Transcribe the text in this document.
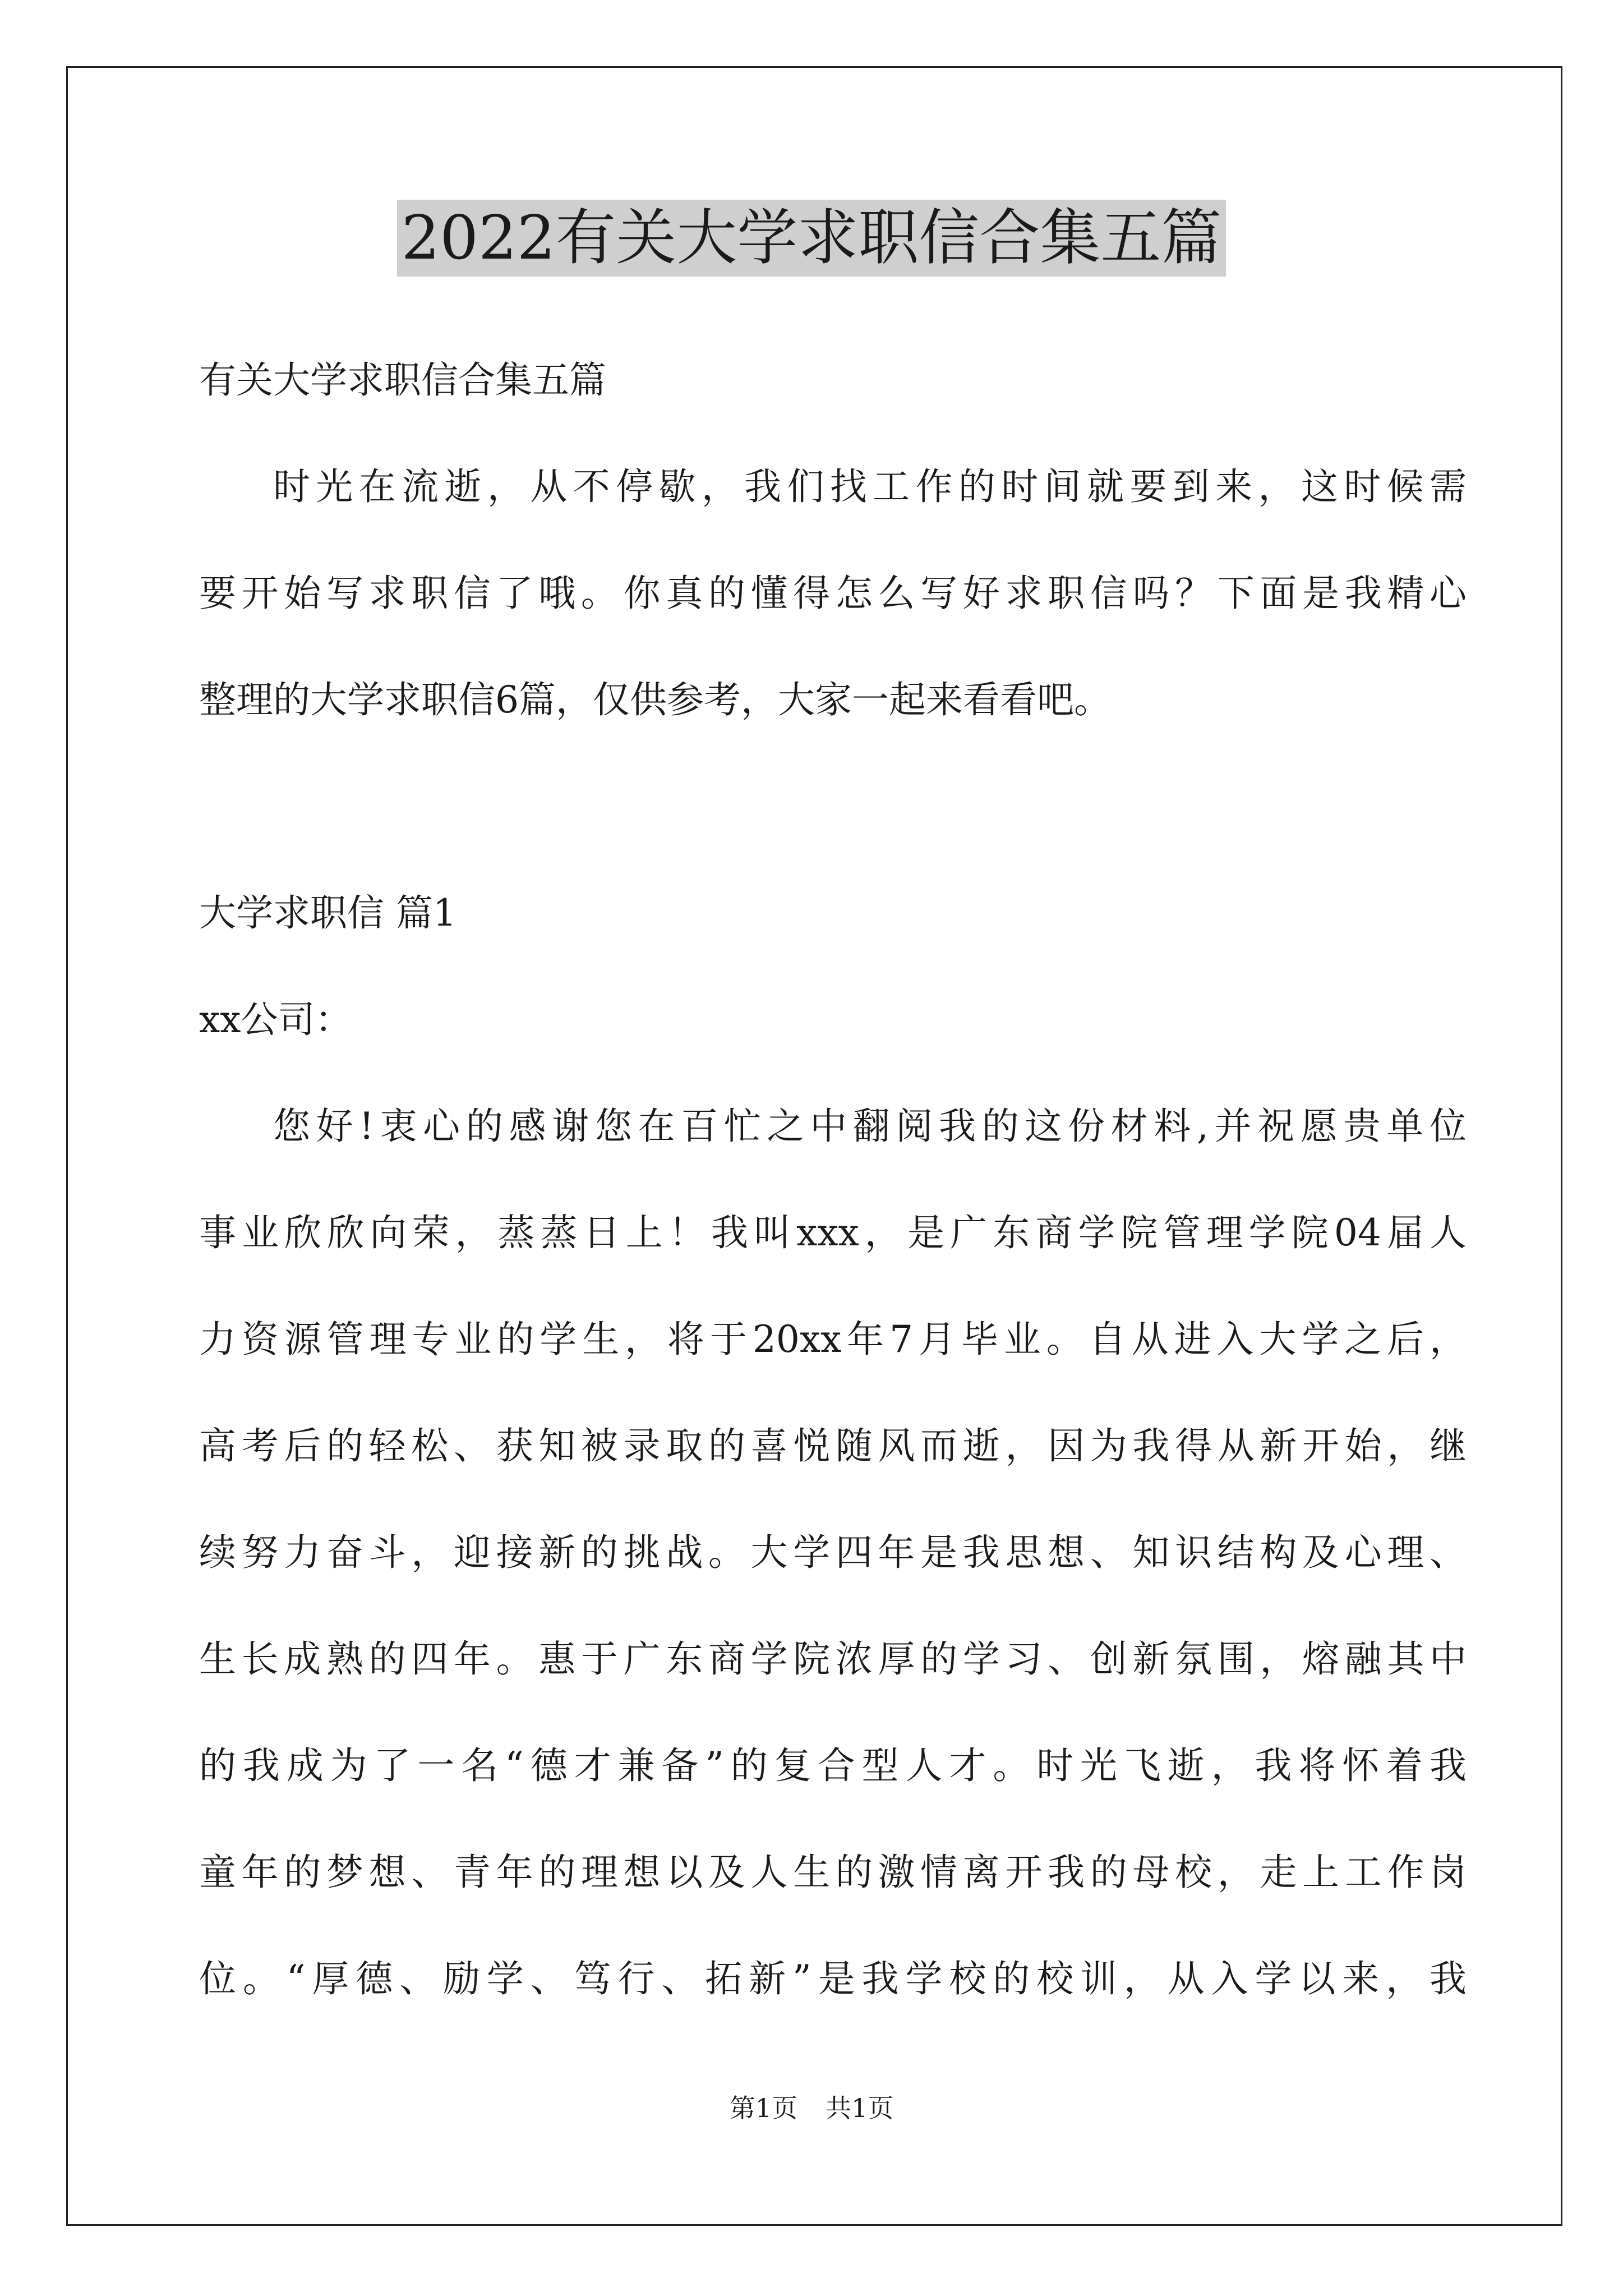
2022有关大学求职信合集五篇

有关大学求职信合集五篇

时光在流逝，从不停歇，我们找工作的时间就要到来，这时候需

要开始写求职信了哦。你真的懂得怎么写好求职信吗？下面是我精心

整理的大学求职信6篇，仅供参考，大家一起来看看吧。

大学求职信 篇1

xx公司：

您好!衷心的感谢您在百忙之中翻阅我的这份材料,并祝愿贵单位

事业欣欣向荣，蒸蒸日上！我叫xxx，是广东商学院管理学院04届人

力资源管理专业的学生，将于20xx年7月毕业。自从进入大学之后，

高考后的轻松、获知被录取的喜悦随风而逝，因为我得从新开始，继

续努力奋斗，迎接新的挑战。大学四年是我思想、知识结构及心理、

生长成熟的四年。惠于广东商学院浓厚的学习、创新氛围，熔融其中

的我成为了一名“德才兼备”的复合型人才。时光飞逝，我将怀着我

童年的梦想、青年的理想以及人生的激情离开我的母校，走上工作岗

位。“厚德、励学、笃行、拓新”是我学校的校训，从入学以来，我

第1页 共1页
